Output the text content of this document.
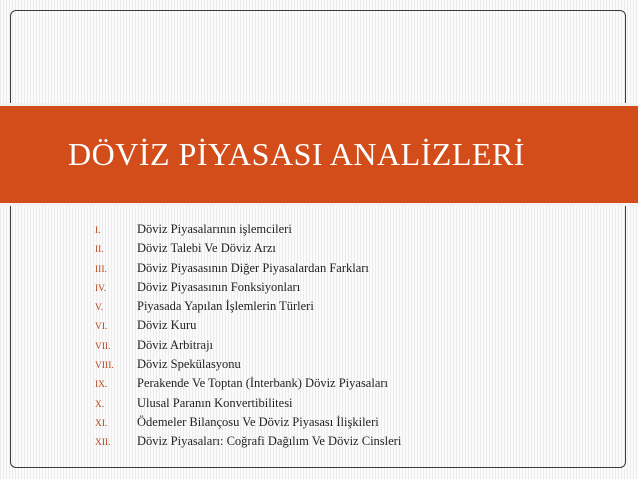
DÖVİZ PİYASASI ANALİZLERİ
I.	Döviz Piyasalarının işlemcileri
II.	Döviz Talebi Ve Döviz Arzı
III.	Döviz Piyasasının Diğer Piyasalardan Farkları
IV.	Döviz Piyasasının Fonksiyonları
V.	Piyasada Yapılan İşlemlerin Türleri
VI.	Döviz Kuru
VII.	Döviz Arbitrajı
VIII.	Döviz Spekülasyonu
IX.	Perakende Ve Toptan (İnterbank) Döviz Piyasaları
X.	Ulusal Paranın Konvertibilitesi
XI.	Ödemeler Bilançosu Ve Döviz Piyasası İlişkileri
XII.	Döviz Piyasaları: Coğrafi Dağılım Ve Döviz Cinsleri
